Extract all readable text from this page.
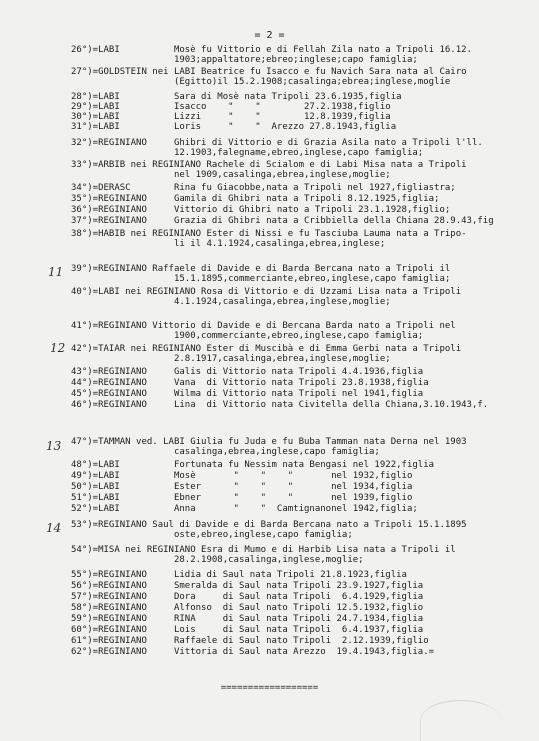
= 2 =
11
12
13
14
26°)=LABI          Mosè fu Vittorio e di Fellah Zila nato a Tripoli 16.12.
1903;appaltatore;ebreo;inglese;capo famiglia;
27°)=GOLDSTEIN nei LABI Beatrice fu Isacco e fu Navich Sara nata al Cairo
(Egitto)il 15.2.1908;casalinga;ebrea;inglese,moglie
28°)=LABI          Sara di Mosè nata Tripoli 23.6.1935,figlia
29°)=LABI          Isacco    "    "        27.2.1938,figlio
30°)=LABI          Lizzi     "    "        12.8.1939,figlia
31°)=LABI          Loris     "    "  Arezzo 27.8.1943,figlia
32°)=REGINIANO     Ghibri di Vittorio e di Grazia Asila nato a Tripoli l'll.
12.1903,falegname,ebreo,inglese,capo famiglia;
33°)=ARBIB nei REGINIANO Rachele di Scialom e di Labi Misa nata a Tripoli
nel 1909,casalinga,ebrea,inglese,moglie;
34°)=DERASC        Rina fu Giacobbe,nata a Tripoli nel 1927,figliastra;
35°)=REGINIANO     Gamila di Ghibri nata a Tripoli 8.12.1925,figlia;
36°)=REGINIANO     Vittorio di Ghibri nato a Tripoli 23.1.1928,figlio;
37°)=REGINIANO     Grazia di Ghibri nata a Cribbiella della Chiana 28.9.43,fig
38°)=HABIB nei REGINIANO Ester di Nissi e fu Tasciuba Lauma nata a Tripo-
li il 4.1.1924,casalinga,ebrea,inglese;
39°)=REGINIANO Raffaele di Davide e di Barda Bercana nato a Tripoli il
15.1.1895,commerciante,ebreo,inglese,capo famiglia;
40°)=LABI nei REGINIANO Rosa di Vittorio e di Uzzami Lisa nata a Tripoli
4.1.1924,casalinga,ebrea,inglese,moglie;
41°)=REGINIANO Vittorio di Davide e di Bercana Barda nato a Tripoli nel
1900,commerciante,ebreo,inglese,capo famiglia;
42°)=TAIAR nei REGINIANO Ester di Muscibà e di Emma Gerbi nata a Tripoli
2.8.1917,casalinga,ebrea,inglese,moglie;
43°)=REGINIANO     Galis di Vittorio nata Tripoli 4.4.1936,figlia
44°)=REGINIANO     Vana  di Vittorio nata Tripoli 23.8.1938,figlia
45°)=REGINIANO     Wilma di Vittorio nata Tripoli nel 1941,figlia
46°)=REGINIANO     Lina  di Vittorio nata Civitella della Chiana,3.10.1943,f.
47°)=TAMMAN ved. LABI Giulia fu Juda e fu Buba Tamman nata Derna nel 1903
casalinga,ebrea,inglese,capo famiglia;
48°)=LABI          Fortunata fu Nessim nata Bengasi nel 1922,figlia
49°)=LABI          Mosè       "    "    "       nel 1932,figlio
50°)=LABI          Ester      "    "    "       nel 1934,figlia
51°)=LABI          Ebner      "    "    "       nel 1939,figlio
52°)=LABI          Anna       "    "  Camtignanonel 1942,figlia;
53°)=REGINIANO Saul di Davide e di Barda Bercana nato a Tripoli 15.1.1895
oste,ebreo,inglese,capo famiglia;
54°)=MISA nei REGINIANO Esra di Mumo e di Harbib Lisa nata a Tripoli il
28.2.1908,casalinga,inglese,moglie;
55°)=REGINIANO     Lidia di Saul nata Tripoli 21.8.1923,figlia
56°)=REGINIANO     Smeralda di Saul nata Tripoli 23.9.1927,figlia
57°)=REGINIANO     Dora     di Saul nata Tripoli  6.4.1929,figlia
58°)=REGINIANO     Alfonso  di Saul nato Tripoli 12.5.1932,figlio
59°)=REGINIANO     RINA     di Saul nata Tripoli 24.7.1934,figlia
60°)=REGINIANO     Lois     di Saul nata Tripoli  6.4.1937,figlia
61°)=REGINIANO     Raffaele di Saul nato Tripoli  2.12.1939,figlio
62°)=REGINIANO     Vittoria di Saul nata Arezzo  19.4.1943,figlia.=
==================
